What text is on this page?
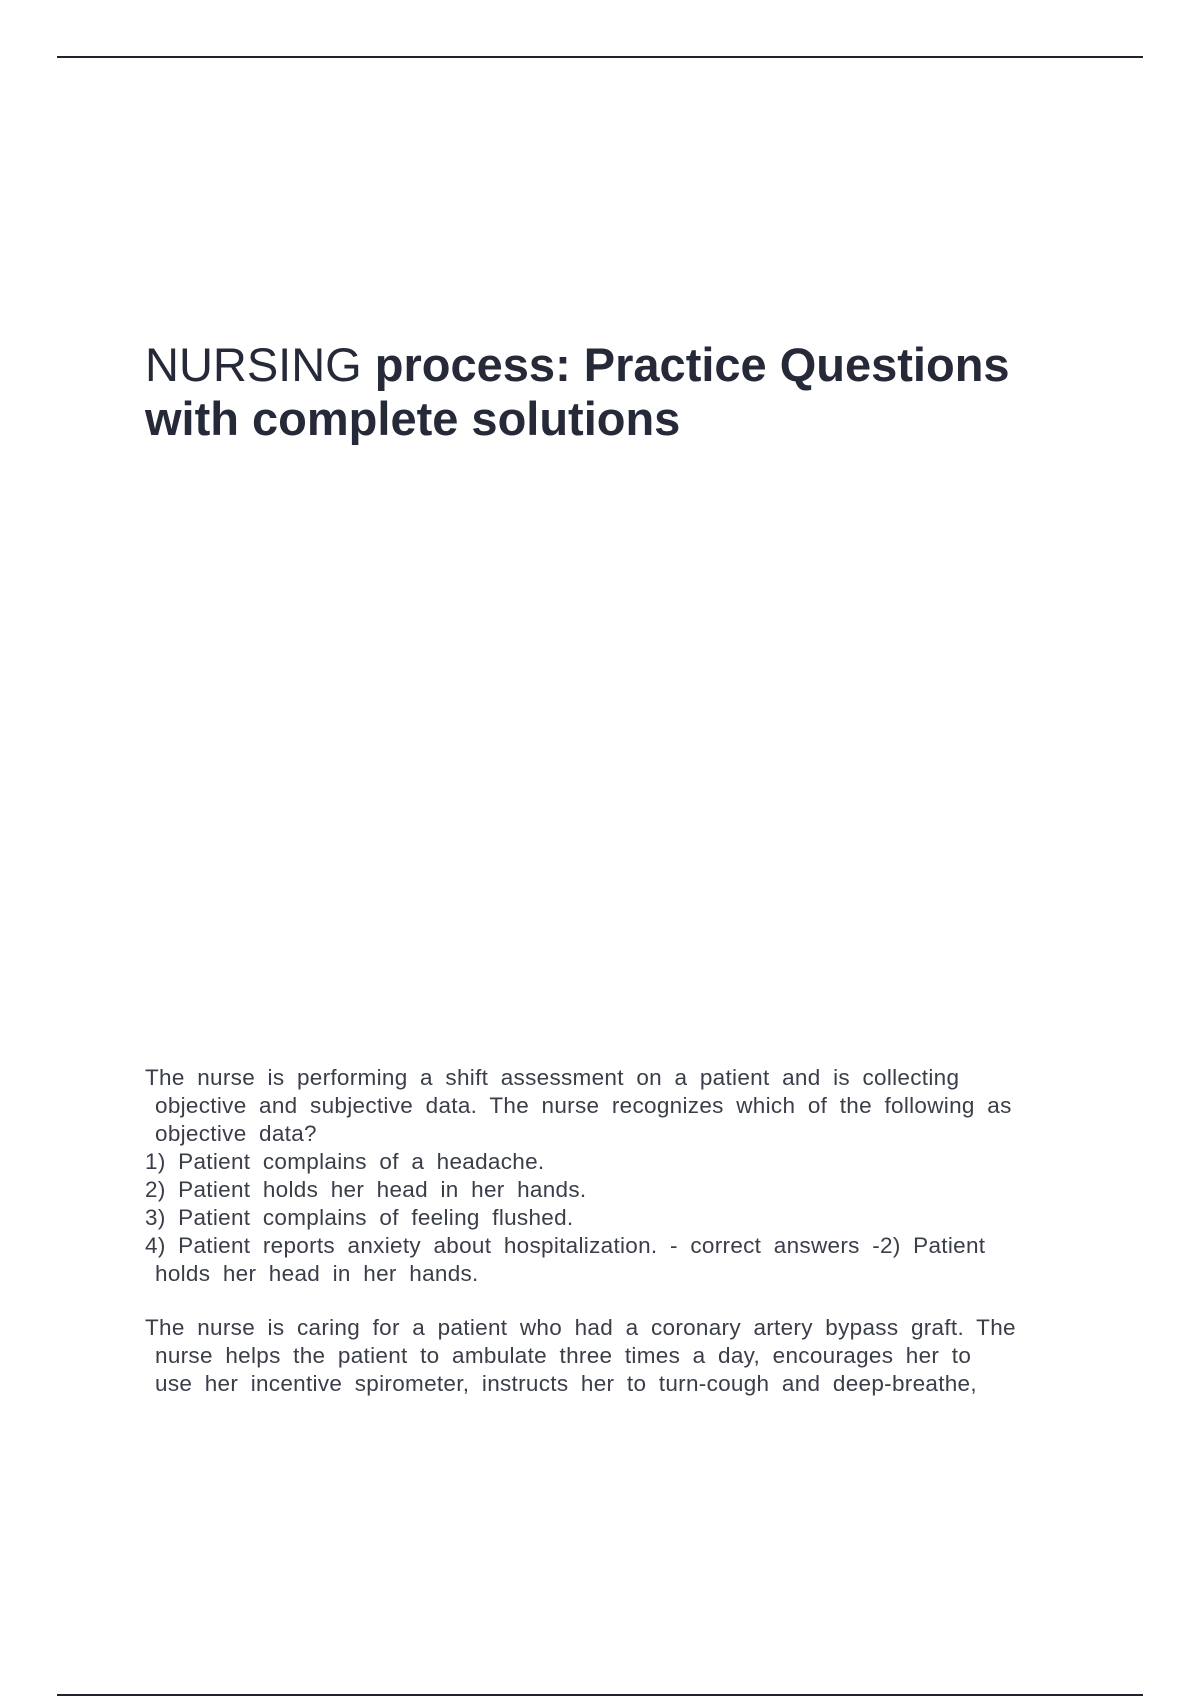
NURSING process: Practice Questions
with complete solutions
The nurse is performing a shift assessment on a patient and is collecting
objective and subjective data. The nurse recognizes which of the following as
objective data?
1) Patient complains of a headache.
2) Patient holds her head in her hands.
3) Patient complains of feeling flushed.
4) Patient reports anxiety about hospitalization. - correct answers -2) Patient
holds her head in her hands.
The nurse is caring for a patient who had a coronary artery bypass graft. The
nurse helps the patient to ambulate three times a day, encourages her to
use her incentive spirometer, instructs her to turn-cough and deep-breathe,
